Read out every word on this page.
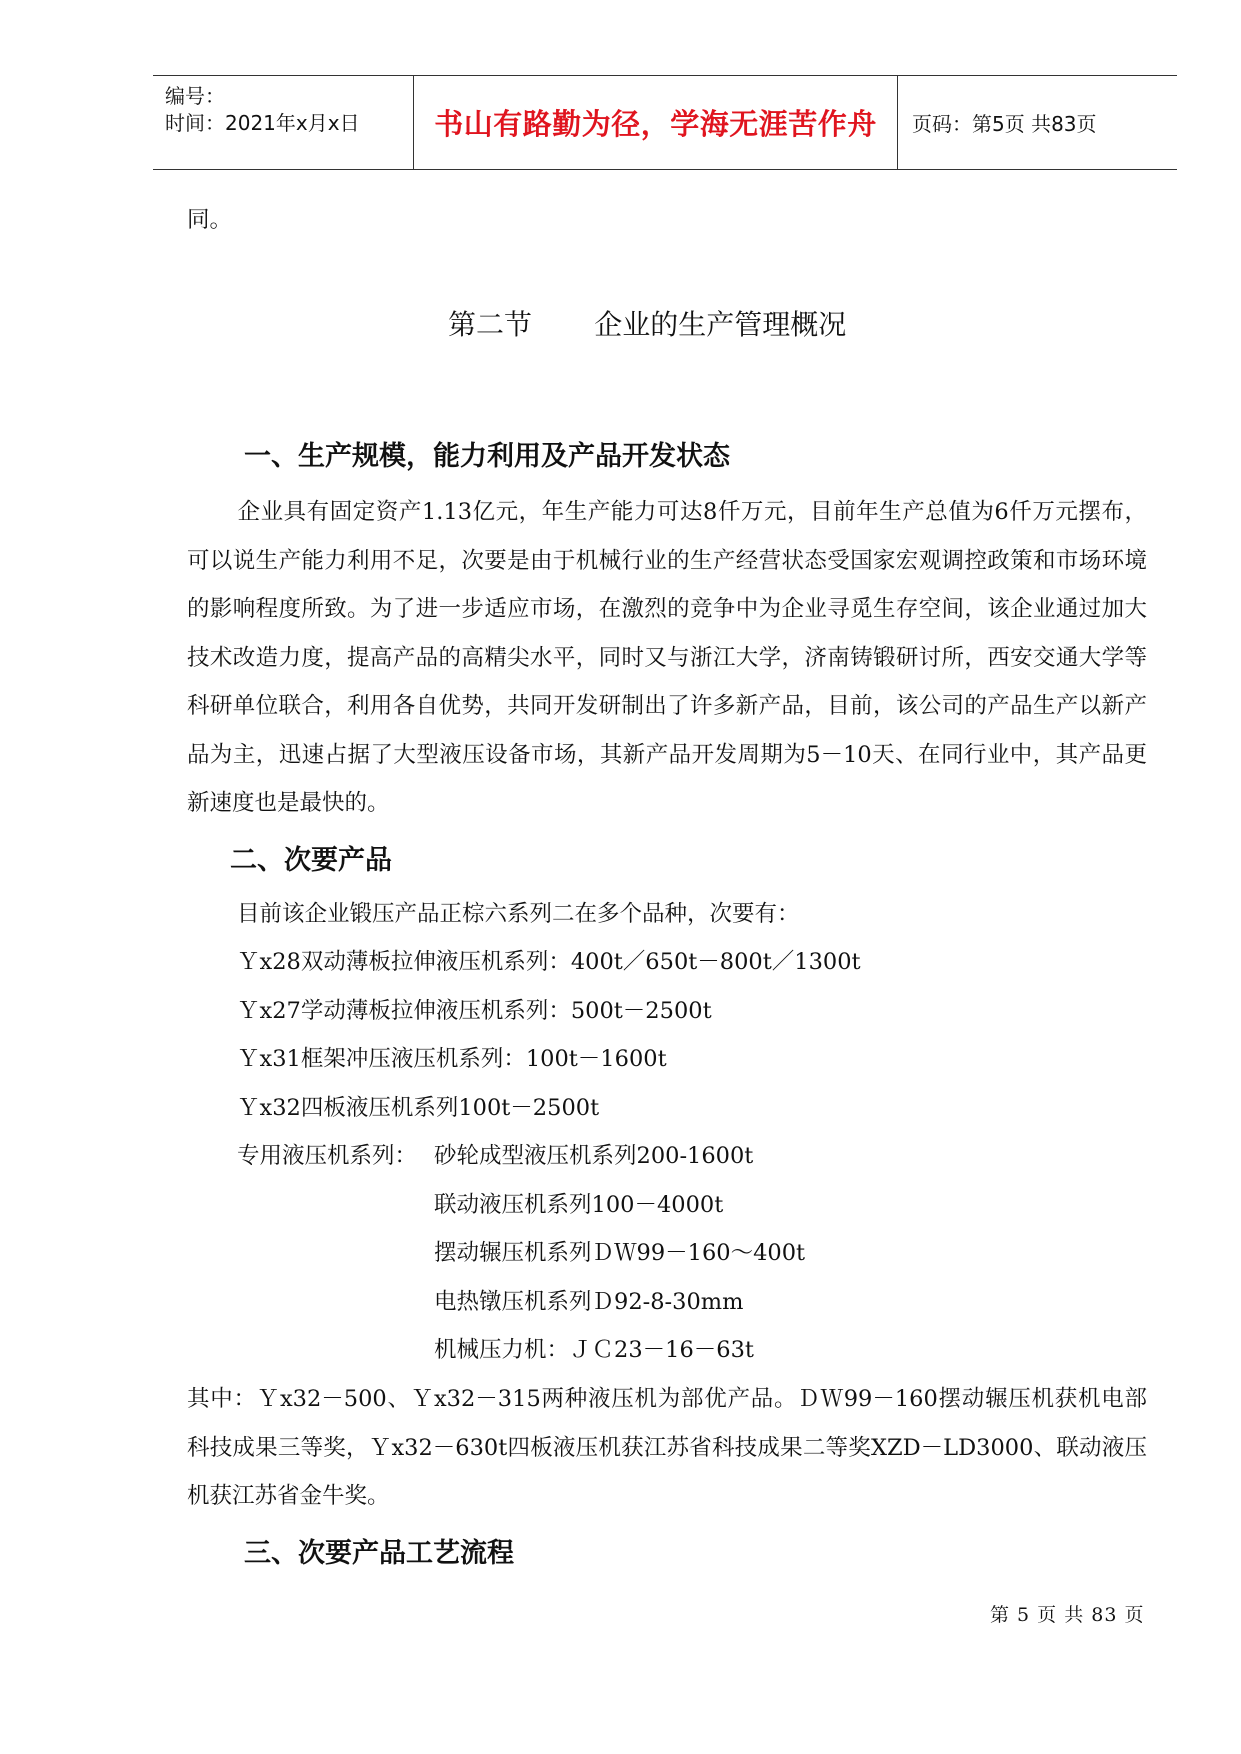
编号：
时间：2021年x月x日	书山有路勤为径，学海无涯苦作舟	页码：第5页 共83页
同。
第二节       企业的生产管理概况
一、生产规模，能力利用及产品开发状态
企业具有固定资产1.13亿元，年生产能力可达8仟万元，目前年生产总值为6仟万元摆布，可以说生产能力利用不足，次要是由于机械行业的生产经营状态受国家宏观调控政策和市场环境的影响程度所致。为了进一步适应市场，在激烈的竞争中为企业寻觅生存空间，该企业通过加大技术改造力度，提高产品的高精尖水平，同时又与浙江大学，济南铸锻研讨所，西安交通大学等科研单位联合，利用各自优势，共同开发研制出了许多新产品，目前，该公司的产品生产以新产品为主，迅速占据了大型液压设备市场，其新产品开发周期为5－10天、在同行业中，其产品更新速度也是最快的。
二、次要产品
目前该企业锻压产品正棕六系列二在多个品种，次要有：
Ｙx28双动薄板拉伸液压机系列：400t／650t－800t／1300t
Ｙx27学动薄板拉伸液压机系列：500t－2500t
Ｙx31框架冲压液压机系列：100t－1600t
Ｙx32四板液压机系列100t－2500t
专用液压机系列： 砂轮成型液压机系列200-1600t
联动液压机系列100－4000t
摆动辗压机系列ＤＷ99－160～400t
电热镦压机系列Ｄ92-8-30mm
机械压力机：ＪＣ23－16－63t
其中：Ｙx32－500、Ｙx32－315两种液压机为部优产品。ＤＷ99－160摆动辗压机获机电部科技成果三等奖，Ｙx32－630t四板液压机获江苏省科技成果二等奖XZD－LD3000、联动液压机获江苏省金牛奖。
三、次要产品工艺流程
第 5 页 共 83 页
